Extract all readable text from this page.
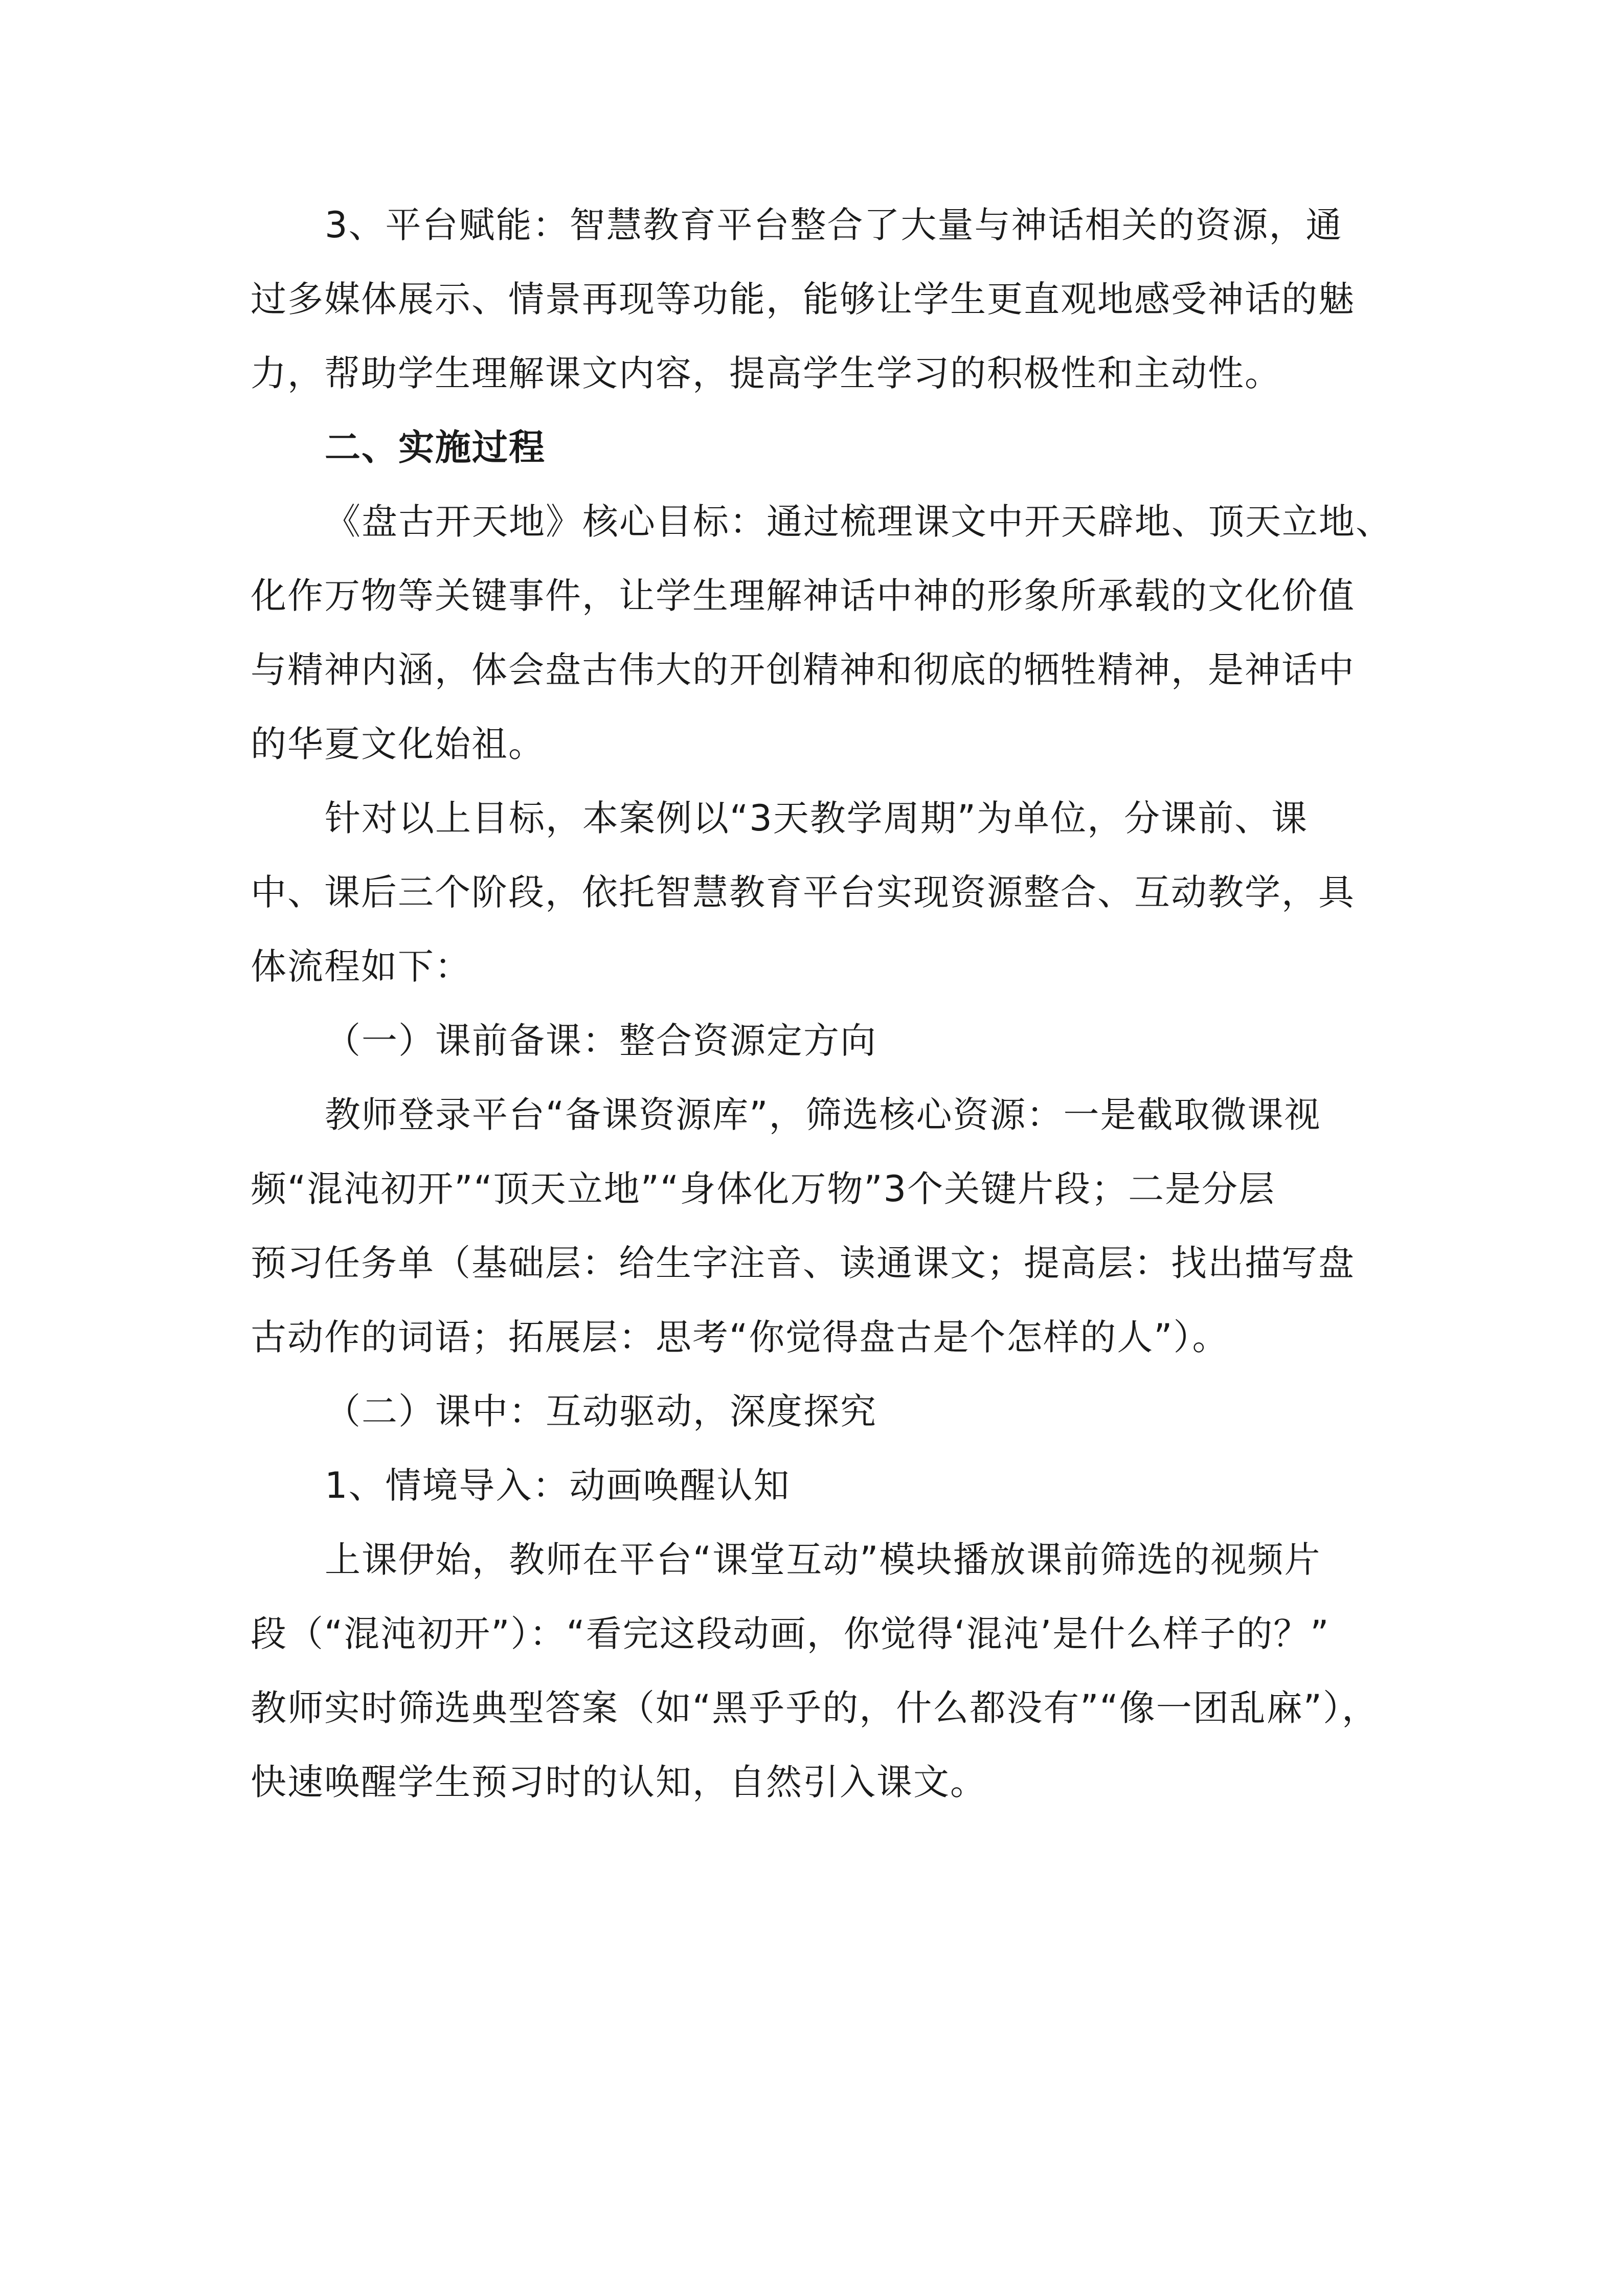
3、平台赋能：智慧教育平台整合了大量与神话相关的资源，通
过多媒体展示、情景再现等功能，能够让学生更直观地感受神话的魅
力，帮助学生理解课文内容，提高学生学习的积极性和主动性。
二、实施过程
《盘古开天地》核心目标：通过梳理课文中开天辟地、顶天立地、
化作万物等关键事件，让学生理解神话中神的形象所承载的文化价值
与精神内涵，体会盘古伟大的开创精神和彻底的牺牲精神，是神话中
的华夏文化始祖。
针对以上目标，本案例以“3天教学周期”为单位，分课前、课
中、课后三个阶段，依托智慧教育平台实现资源整合、互动教学，具
体流程如下：
（一）课前备课：整合资源定方向
教师登录平台“备课资源库”，筛选核心资源：一是截取微课视
频“混沌初开”“顶天立地”“身体化万物”3个关键片段；二是分层
预习任务单（基础层：给生字注音、读通课文；提高层：找出描写盘
古动作的词语；拓展层：思考“你觉得盘古是个怎样的人”）。
（二）课中：互动驱动，深度探究
1、情境导入：动画唤醒认知
上课伊始，教师在平台“课堂互动”模块播放课前筛选的视频片
段（“混沌初开”）：“看完这段动画，你觉得‘混沌’是什么样子的？”
教师实时筛选典型答案（如“黑乎乎的，什么都没有”“像一团乱麻”），
快速唤醒学生预习时的认知，自然引入课文。
